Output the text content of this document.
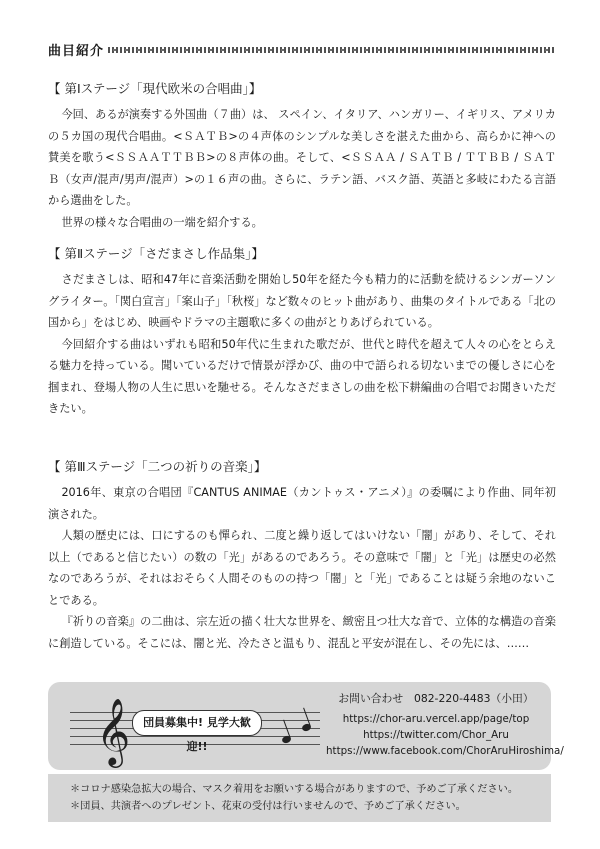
曲目紹介
【 第Ⅰステージ「現代欧米の合唱曲」】

今回、あるが演奏する外国曲（７曲）は、 スペイン、イタリア、ハンガリー、イギリス、アメリカの５カ国の現代合唱曲。<ＳＡＴＢ>の４声体のシンプルな美しさを湛えた曲から、高らかに神への賛美を歌う<ＳＳＡＡＴＴＢＢ>の８声体の曲。そして、<ＳＳＡＡ / ＳＡＴＢ / ＴＴＢＢ / ＳＡＴＢ（女声/混声/男声/混声）>の１６声の曲。さらに、ラテン語、バスク語、英語と多岐にわたる言語から選曲をした。

世界の様々な合唱曲の一端を紹介する。

【 第Ⅱステージ「さだまさし作品集」】

さだまさしは、昭和47年に音楽活動を開始し50年を経た今も精力的に活動を続けるシンガーソングライター。「関白宣言」「案山子」「秋桜」など数々のヒット曲があり、曲集のタイトルである「北の国から」をはじめ、映画やドラマの主題歌に多くの曲がとりあげられている。

今回紹介する曲はいずれも昭和50年代に生まれた歌だが、世代と時代を超えて人々の心をとらえる魅力を持っている。聞いているだけで情景が浮かび、曲の中で語られる切ないまでの優しさに心を掴まれ、登場人物の人生に思いを馳せる。そんなさだまさしの曲を松下耕編曲の合唱でお聞きいただきたい。

【 第Ⅲステージ「二つの祈りの音楽」】

2016年、東京の合唱団『CANTUS ANIMAE（カントゥス・アニメ）』の委嘱により作曲、同年初演された。

人類の歴史には、口にするのも憚られ、二度と繰り返してはいけない「闇」があり、そして、それ以上（であると信じたい）の数の「光」があるのであろう。その意味で「闇」と「光」は歴史の必然なのであろうが、それはおそらく人間そのものの持つ「闇」と「光」であることは疑う余地のないことである。

『祈りの音楽』の二曲は、宗左近の描く壮大な世界を、緻密且つ壮大な音で、立体的な構造の音楽に創造している。そこには、闇と光、冷たさと温もり、混乱と平安が混在し、その先には、‥‥‥

𝄞	団員募集中! 見学大歓迎!!
お問い合わせ　082-220-4483（小田）
https://chor-aru.vercel.app/page/top
https://twitter.com/Chor_Aru
https://www.facebook.com/ChorAruHiroshima/

＊コロナ感染急拡大の場合、マスク着用をお願いする場合がありますので、予めご了承ください。

＊団員、共演者へのプレゼント、花束の受付は行いませんので、予めご了承ください。
